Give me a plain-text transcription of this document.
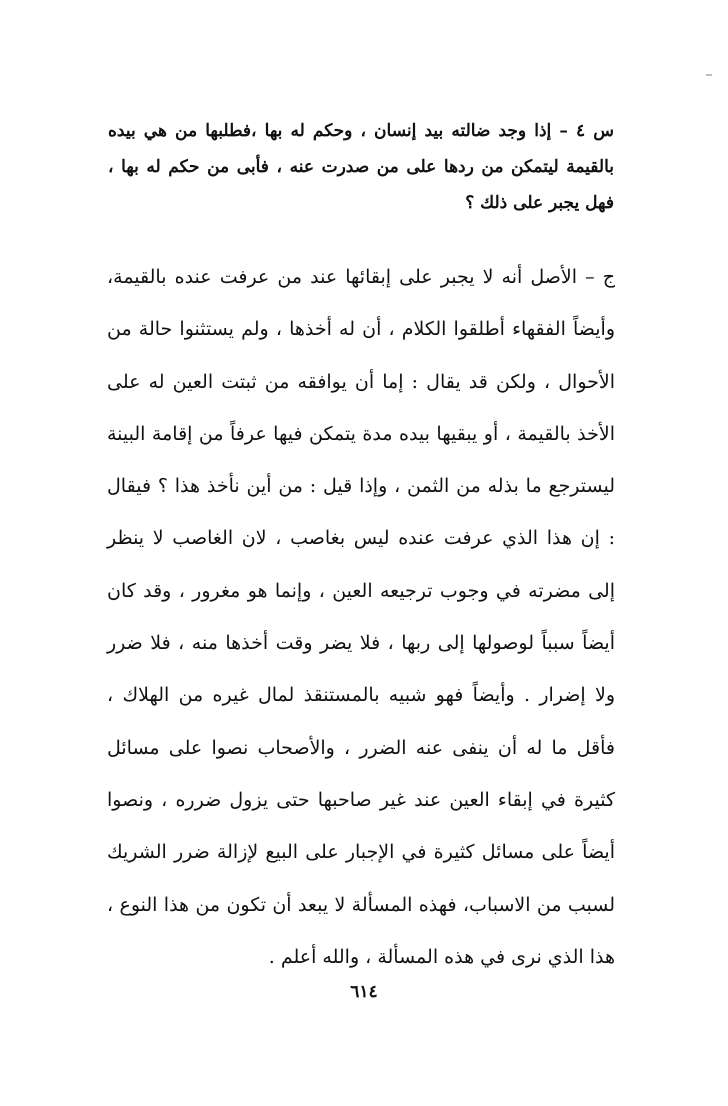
س ٤ – إذا وجد ضالته بيد إنسان ، وحكم له بها ،فطلبها من هي بيده بالقيمة ليتمكن من ردها على من صدرت عنه ، فأبى من حكم له بها ، فهل يجبر على ذلك ؟

ج – الأصل أنه لا يجبر على إبقائها عند من عرفت عنده بالقيمة، وأيضاً الفقهاء أطلقوا الكلام ، أن له أخذها ، ولم يستثنوا حالة من الأحوال ، ولكن قد يقال : إما أن يوافقه من ثبتت العين له على الأخذ بالقيمة ، أو يبقيها بيده مدة يتمكن فيها عرفاً من إقامة البينة ليسترجع ما بذله من الثمن ، وإذا قيل : من أين نأخذ هذا ؟ فيقال : إن هذا الذي عرفت عنده ليس بغاصب ، لان الغاصب لا ينظر إلى مضرته في وجوب ترجيعه العين ، وإنما هو مغرور ، وقد كان أيضاً سبباً لوصولها إلى ربها ، فلا يضر وقت أخذها منه ، فلا ضرر ولا إضرار . وأيضاً فهو شبيه بالمستنقذ لمال غيره من الهلاك ، فأقل ما له أن ينفى عنه الضرر ، والأصحاب نصوا على مسائل كثيرة في إبقاء العين عند غير صاحبها حتى يزول ضرره ، ونصوا أيضاً على مسائل كثيرة في الإجبار على البيع لإزالة ضرر الشريك لسبب من الاسباب، فهذه المسألة لا يبعد أن تكون من هذا النوع ، هذا الذي نرى في هذه المسألة ، والله أعلم .

٦١٤
